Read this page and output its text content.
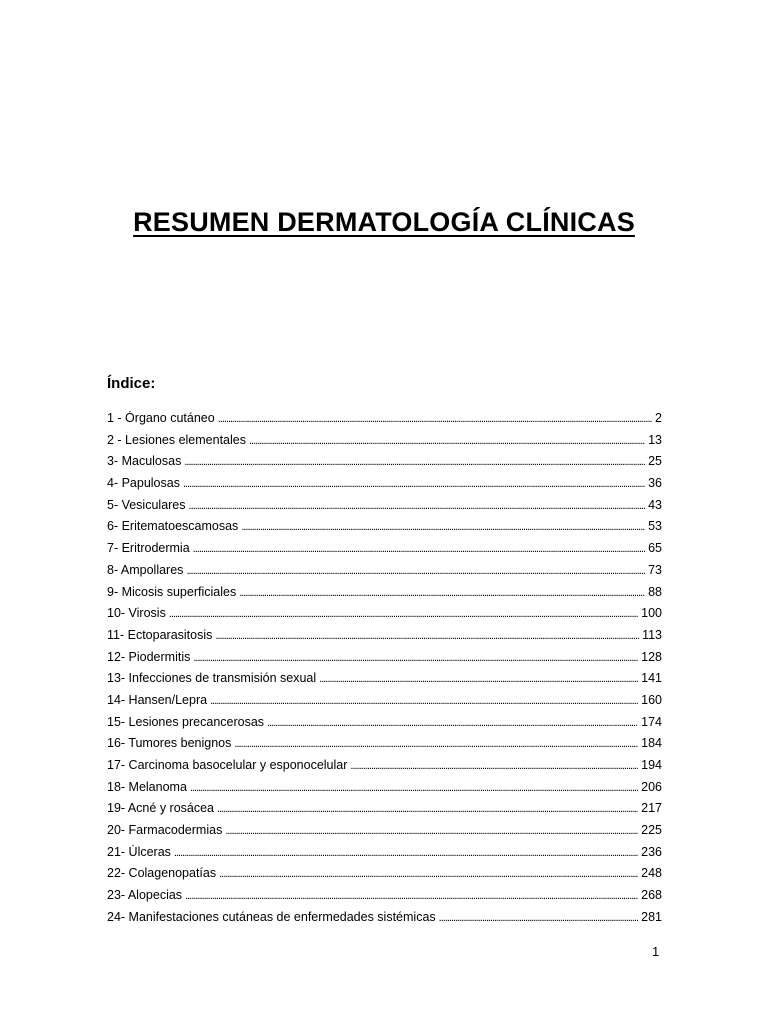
RESUMEN DERMATOLOGÍA CLÍNICAS
Índice:
1 - Órgano cutáneo .....	2
2 - Lesiones elementales .....	13
3- Maculosas .....	25
4- Papulosas .....	36
5- Vesiculares .....	43
6- Eritematoescamosas .....	53
7- Eritrodermia .....	65
8- Ampollares .....	73
9- Micosis superficiales .....	88
10- Virosis .....	100
11- Ectoparasitosis .....	113
12- Piodermitis .....	128
13- Infecciones de transmisión sexual .....	141
14- Hansen/Lepra .....	160
15- Lesiones precancerosas .....	174
16- Tumores benignos .....	184
17- Carcinoma basocelular y esponocelular .....	194
18- Melanoma .....	206
19- Acné y rosácea .....	217
20- Farmacodermias .....	225
21- Úlceras .....	236
22- Colagenopatías .....	248
23- Alopecias .....	268
24- Manifestaciones cutáneas de enfermedades sistémicas .....	281
1
